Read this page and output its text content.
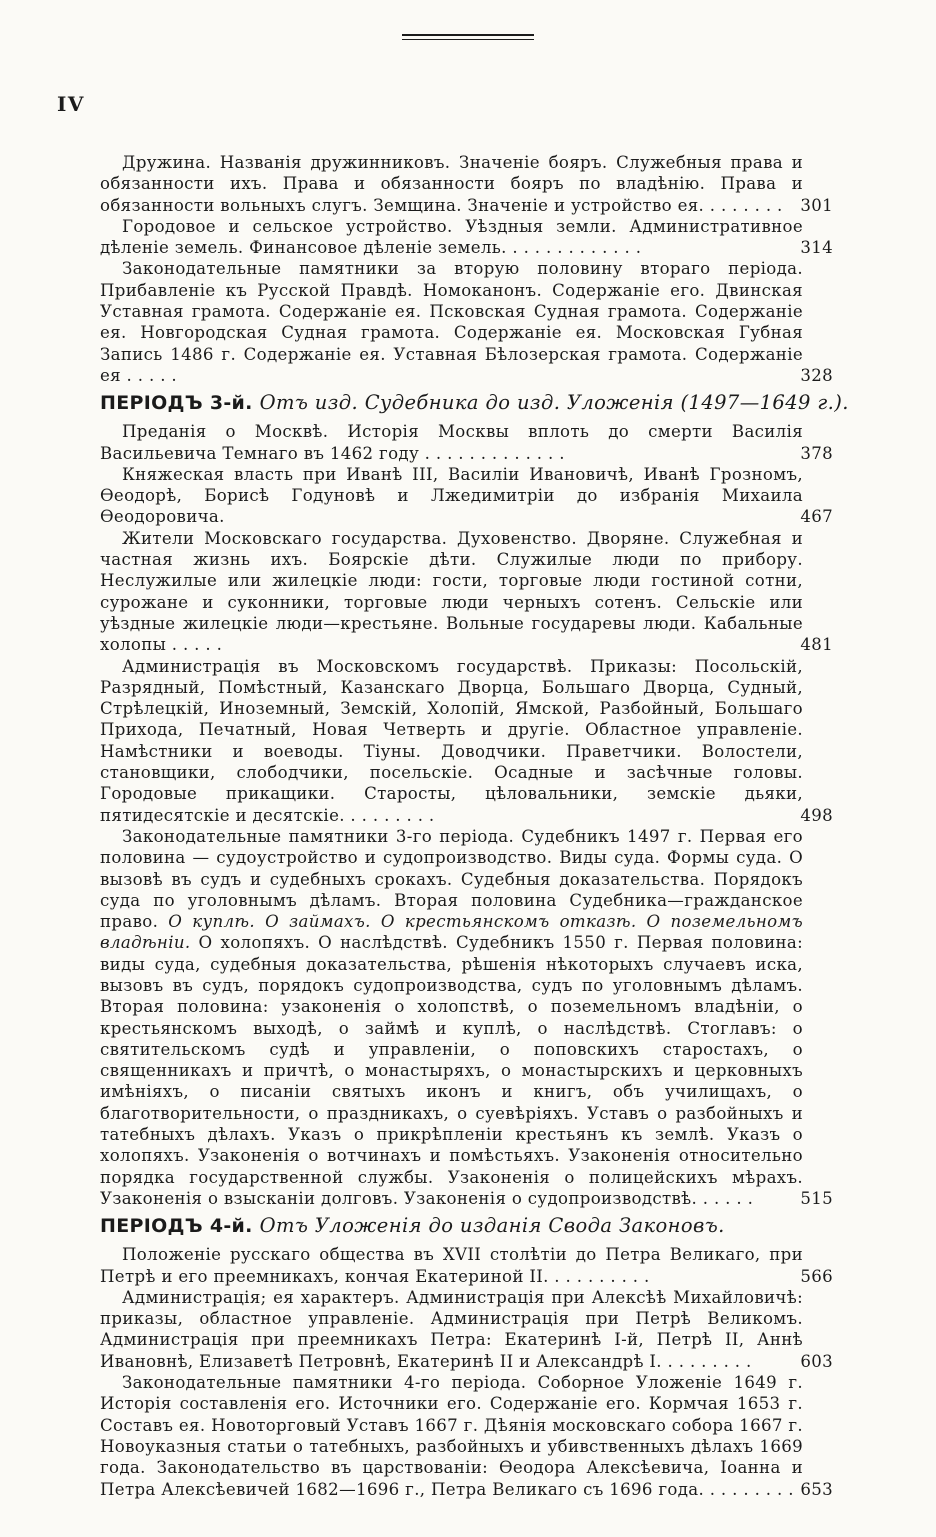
IV
Дружина. Названія дружинниковъ. Значеніе бояръ. Служебныя права и обязанности ихъ. Права и обязанности бояръ по владѣнію. Права и обязанности вольныхъ слугъ. Земщина. Значеніе и устройство ея. . . . . . . . 301
Городовое и сельское устройство. Уѣздныя земли. Административное дѣленіе земель. Финансовое дѣленіе земель. . . . . . . . . . . . .	314
Законодательные памятники за вторую половину втораго періода. Прибавленіе къ Русской Правдѣ. Номоканонъ. Содержаніе его. Двинская Уставная грамота. Содержаніе ея. Псковская Судная грамота. Содержаніе ея. Новгородская Судная грамота. Содержаніе ея. Московская Губная Запись 1486 г. Содержаніе ея. Уставная Бѣлозерская грамота. Содержаніе ея . . . . .	328
ПЕРІОДЪ 3-й. Отъ изд. Судебника до изд. Уложенія (1497—1649 г.).
Преданія о Москвѣ. Исторія Москвы вплоть до смерти Василія Васильевича Темнаго въ 1462 году . . . . . . . . . . . . .	378
Княжеская власть при Иванѣ III, Василіи Ивановичѣ, Иванѣ Грозномъ, Ѳеодорѣ, Борисѣ Годуновѣ и Лжедимитріи до избранія Михаила Ѳеодоровича.	467
Жители Московскаго государства. Духовенство. Дворяне. Служебная и частная жизнь ихъ. Боярскіе дѣти. Служилые люди по прибору. Неслужилые или жилецкіе люди: гости, торговые люди гостиной сотни, сурожане и суконники, торговые люди черныхъ сотенъ. Сельскіе или уѣздные жилецкіе люди—крестьяне. Вольные государевы люди. Кабальные холопы . . . . .	481
Администрація въ Московскомъ государствѣ. Приказы: Посольскій, Разрядный, Помѣстный, Казанскаго Дворца, Большаго Дворца, Судный, Стрѣлецкій, Иноземный, Земскій, Холопій, Ямской, Разбойный, Большаго Прихода, Печатный, Новая Четверть и другіе. Областное управленіе. Намѣстники и воеводы. Тіуны. Доводчики. Праветчики. Волостели, становщики, слободчики, посельскіе. Осадные и засѣчные головы. Городовые прикащики. Старосты, цѣловальники, земскіе дьяки, пятидесятскіе и десятскіе. . . . . . . . .	498
Законодательные памятники 3-го періода. Судебникъ 1497 г. Первая его половина — судоустройство и судопроизводство. Виды суда. Формы суда. О вызовѣ въ судъ и судебныхъ срокахъ. Судебныя доказательства. Порядокъ суда по уголовнымъ дѣламъ. Вторая половина Судебника—гражданское право. О куплѣ. О займахъ. О крестьянскомъ отказѣ. О поземельномъ владѣніи. О холопяхъ. О наслѣдствѣ. Судебникъ 1550 г. Первая половина: виды суда, судебныя доказательства, рѣшенія нѣкоторыхъ случаевъ иска, вызовъ въ судъ, порядокъ судопроизводства, судъ по уголовнымъ дѣламъ. Вторая половина: узаконенія о холопствѣ, о поземельномъ владѣніи, о крестьянскомъ выходѣ, о займѣ и куплѣ, о наслѣдствѣ. Стоглавъ: о святительскомъ судѣ и управленіи, о поповскихъ старостахъ, о священникахъ и причтѣ, о монастыряхъ, о монастырскихъ и церковныхъ имѣніяхъ, о писаніи святыхъ иконъ и книгъ, объ училищахъ, о благотворительности, о праздникахъ, о суевѣріяхъ. Уставъ о разбойныхъ и татебныхъ дѣлахъ. Указъ о прикрѣпленіи крестьянъ къ землѣ. Указъ о холопяхъ. Узаконенія о вотчинахъ и помѣстьяхъ. Узаконенія относительно порядка государственной службы. Узаконенія о полицейскихъ мѣрахъ. Узаконенія о взысканіи долговъ. Узаконенія о судопроизводствѣ. . . . . .	515
ПЕРІОДЪ 4-й. Отъ Уложенія до изданія Свода Законовъ.
Положеніе русскаго общества въ XVII столѣтіи до Петра Великаго, при Петрѣ и его преемникахъ, кончая Екатериной II. . . . . . . . . .	566
Администрація; ея характеръ. Администрація при Алексѣѣ Михайловичѣ: приказы, областное управленіе. Администрація при Петрѣ Великомъ. Администрація при преемникахъ Петра: Екатеринѣ I-й, Петрѣ II, Аннѣ Ивановнѣ, Елизаветѣ Петровнѣ, Екатеринѣ II и Александрѣ I. . . . . . . . .	603
Законодательные памятники 4-го періода. Соборное Уложеніе 1649 г. Исторія составленія его. Источники его. Содержаніе его. Кормчая 1653 г. Составъ ея. Новоторговый Уставъ 1667 г. Дѣянія московскаго собора 1667 г. Новоуказныя статьи о татебныхъ, разбойныхъ и убивственныхъ дѣлахъ 1669 года. Законодательство въ царствованіи: Ѳеодора Алексѣевича, Іоанна и Петра Алексѣевичей 1682—1696 г., Петра Великаго съ 1696 года. . . . . . . . . 653
